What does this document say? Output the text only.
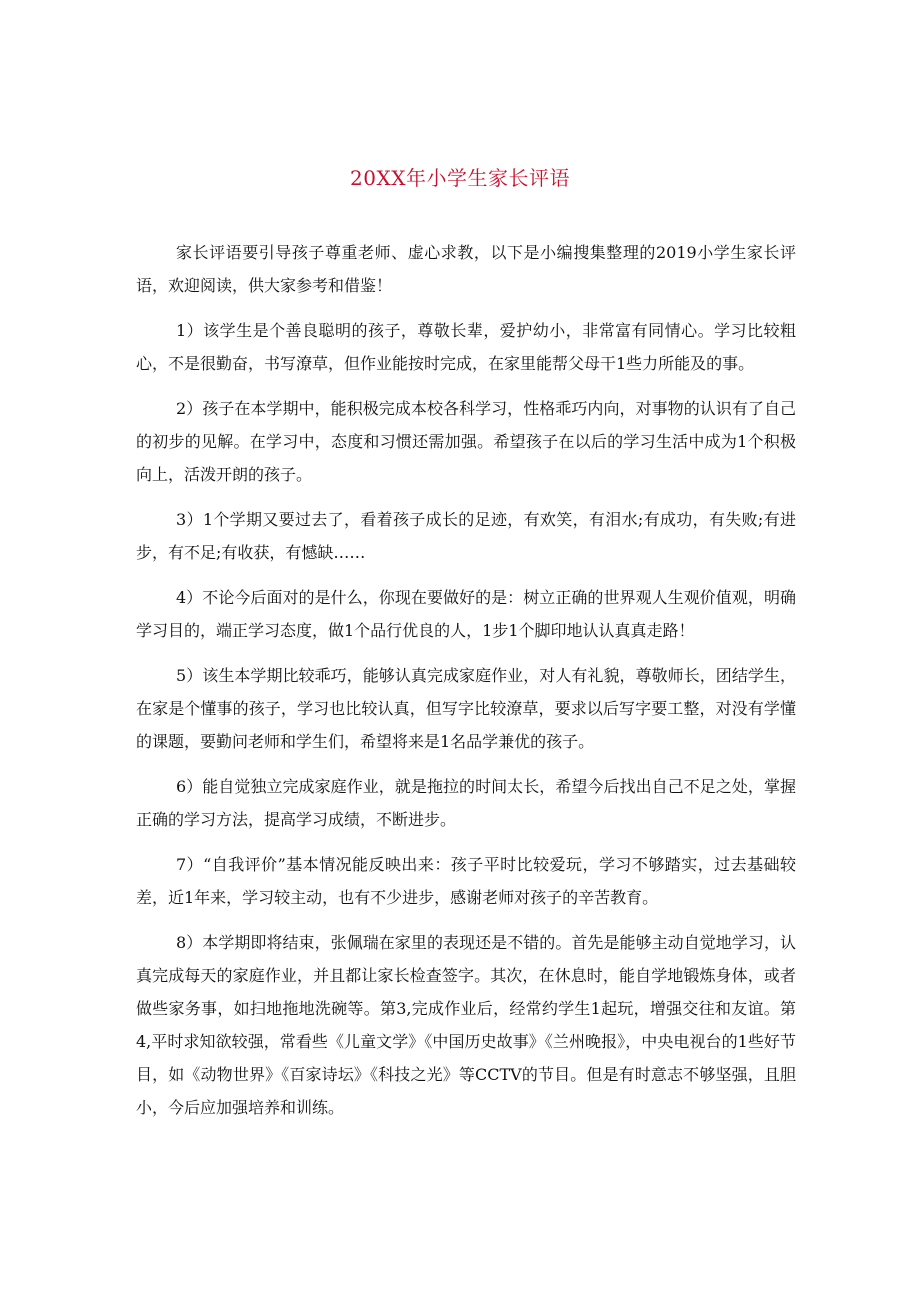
20XX年小学生家长评语

家长评语要引导孩子尊重老师、虚心求教，以下是小编搜集整理的2019小学生家长评语，欢迎阅读，供大家参考和借鉴！

1）该学生是个善良聪明的孩子，尊敬长辈，爱护幼小，非常富有同情心。学习比较粗心，不是很勤奋，书写潦草，但作业能按时完成，在家里能帮父母干1些力所能及的事。

2）孩子在本学期中，能积极完成本校各科学习，性格乖巧内向，对事物的认识有了自己的初步的见解。在学习中，态度和习惯还需加强。希望孩子在以后的学习生活中成为1个积极向上，活泼开朗的孩子。

3）1个学期又要过去了，看着孩子成长的足迹，有欢笑，有泪水;有成功，有失败;有进步，有不足;有收获，有憾缺……

4）不论今后面对的是什么，你现在要做好的是：树立正确的世界观人生观价值观，明确学习目的，端正学习态度，做1个品行优良的人，1步1个脚印地认认真真走路！

5）该生本学期比较乖巧，能够认真完成家庭作业，对人有礼貌，尊敬师长，团结学生，在家是个懂事的孩子，学习也比较认真，但写字比较潦草，要求以后写字要工整，对没有学懂的课题，要勤问老师和学生们，希望将来是1名品学兼优的孩子。

6）能自觉独立完成家庭作业，就是拖拉的时间太长，希望今后找出自己不足之处，掌握正确的学习方法，提高学习成绩，不断进步。

7）“自我评价”基本情况能反映出来：孩子平时比较爱玩，学习不够踏实，过去基础较差，近1年来，学习较主动，也有不少进步，感谢老师对孩子的辛苦教育。

8）本学期即将结束，张佩瑞在家里的表现还是不错的。首先是能够主动自觉地学习，认真完成每天的家庭作业，并且都让家长检查签字。其次，在休息时，能自学地锻炼身体，或者做些家务事，如扫地拖地洗碗等。第3,完成作业后，经常约学生1起玩，增强交往和友谊。第4,平时求知欲较强，常看些《儿童文学》《中国历史故事》《兰州晚报》，中央电视台的1些好节目，如《动物世界》《百家诗坛》《科技之光》等CCTV的节目。但是有时意志不够坚强，且胆小，今后应加强培养和训练。
